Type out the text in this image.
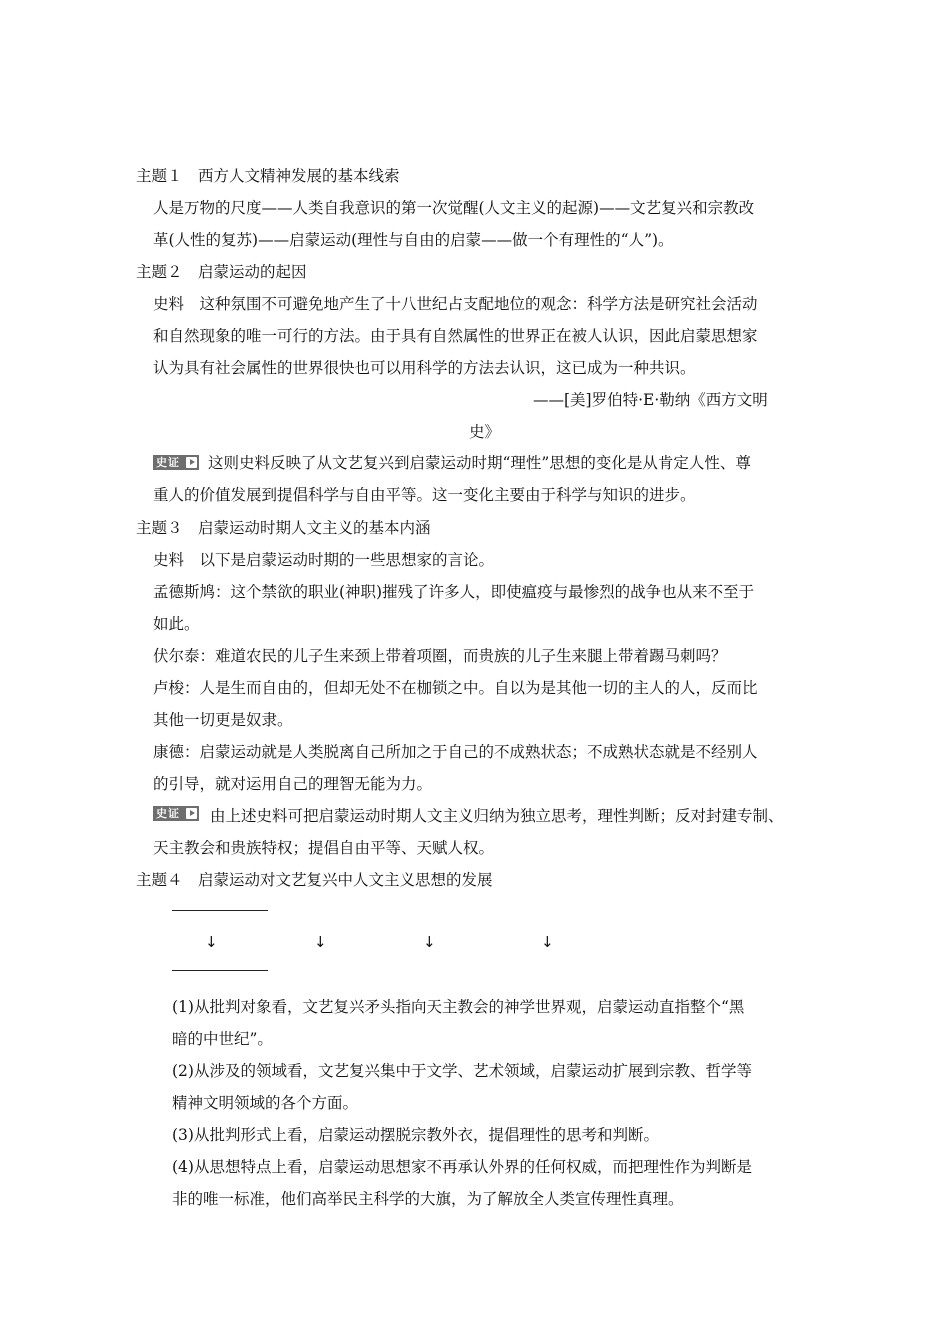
主题１　西方人文精神发展的基本线索
人是万物的尺度——人类自我意识的第一次觉醒(人文主义的起源)——文艺复兴和宗教改
革(人性的复苏)——启蒙运动(理性与自由的启蒙——做一个有理性的“人”)。
主题２　启蒙运动的起因
史料　这种氛围不可避免地产生了十八世纪占支配地位的观念：科学方法是研究社会活动
和自然现象的唯一可行的方法。由于具有自然属性的世界正在被人认识，因此启蒙思想家
认为具有社会属性的世界很快也可以用科学的方法去认识，这已成为一种共识。
——[美]罗伯特·E·勒纳《西方文明
史》
史证	这则史料反映了从文艺复兴到启蒙运动时期“理性”思想的变化是从肯定人性、尊
重人的价值发展到提倡科学与自由平等。这一变化主要由于科学与知识的进步。
主题３　启蒙运动时期人文主义的基本内涵
史料　以下是启蒙运动时期的一些思想家的言论。
孟德斯鸠：这个禁欲的职业(神职)摧残了许多人，即使瘟疫与最惨烈的战争也从来不至于
如此。
伏尔泰：难道农民的儿子生来颈上带着项圈，而贵族的儿子生来腿上带着踢马刺吗？
卢梭：人是生而自由的，但却无处不在枷锁之中。自以为是其他一切的主人的人，反而比
其他一切更是奴隶。
康德：启蒙运动就是人类脱离自己所加之于自己的不成熟状态；不成熟状态就是不经别人
的引导，就对运用自己的理智无能为力。
史证	由上述史料可把启蒙运动时期人文主义归纳为独立思考，理性判断；反对封建专制、
天主教会和贵族特权；提倡自由平等、天赋人权。
主题４　启蒙运动对文艺复兴中人文主义思想的发展
↓	↓	↓	↓
(1)从批判对象看，文艺复兴矛头指向天主教会的神学世界观，启蒙运动直指整个“黑
暗的中世纪”。
(2)从涉及的领域看，文艺复兴集中于文学、艺术领域，启蒙运动扩展到宗教、哲学等
精神文明领域的各个方面。
(3)从批判形式上看，启蒙运动摆脱宗教外衣，提倡理性的思考和判断。
(4)从思想特点上看，启蒙运动思想家不再承认外界的任何权威，而把理性作为判断是
非的唯一标准，他们高举民主科学的大旗，为了解放全人类宣传理性真理。
